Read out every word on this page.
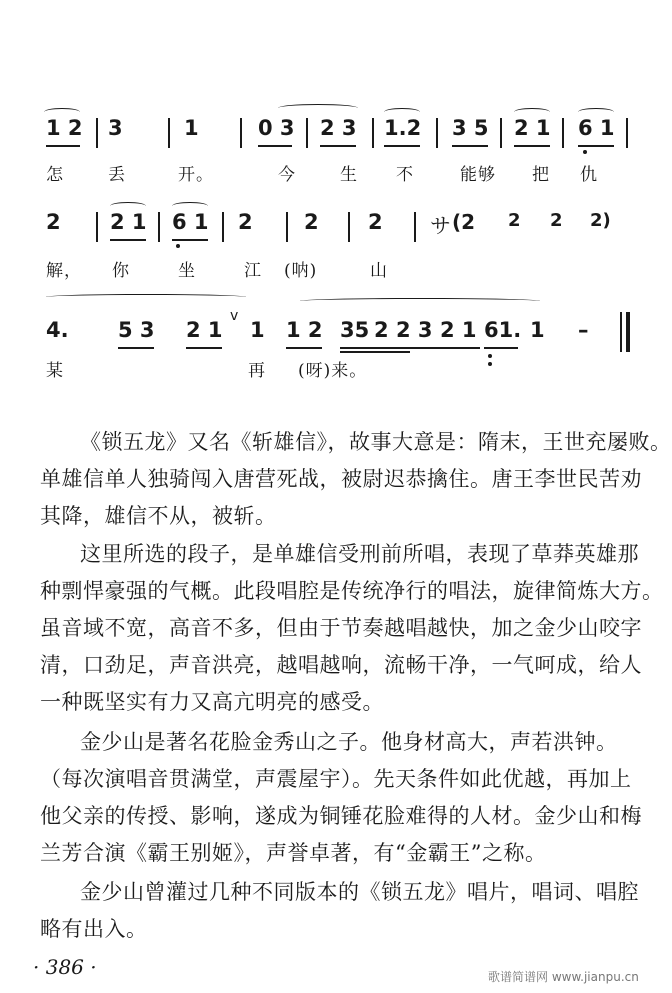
1 2 3	1	0 3 2 3 1.2 3 5 2 1 6 1
怎	丢	开。	今	生 不	能够 把 仇
2 2 1 6 1 2 2 2 サ (2 2 2 2)
解， 你	坐	江 (呐)	山
4. 5 3 2 1
v
1 1 2 35 2 2 3 2 1 61. 1 –
某	再 (呀)来。
《锁五龙》又名《斩雄信》，故事大意是：隋末，王世充屡败。
单雄信单人独骑闯入唐营死战，被尉迟恭擒住。唐王李世民苦劝
其降，雄信不从，被斩。
这里所选的段子，是单雄信受刑前所唱，表现了草莽英雄那
种剽悍豪强的气概。此段唱腔是传统净行的唱法，旋律简炼大方。
虽音域不宽，高音不多，但由于节奏越唱越快，加之金少山咬字
清，口劲足，声音洪亮，越唱越响，流畅干净，一气呵成，给人
一种既坚实有力又高亢明亮的感受。
金少山是著名花脸金秀山之子。他身材高大，声若洪钟。
（每次演唱音贯满堂，声震屋宇）。先天条件如此优越，再加上
他父亲的传授、影响，遂成为铜锤花脸难得的人材。金少山和梅
兰芳合演《霸王别姬》，声誉卓著，有“金霸王”之称。
金少山曾灌过几种不同版本的《锁五龙》唱片，唱词、唱腔
略有出入。
· 386 ·	歌谱简谱网 www.jianpu.cn
